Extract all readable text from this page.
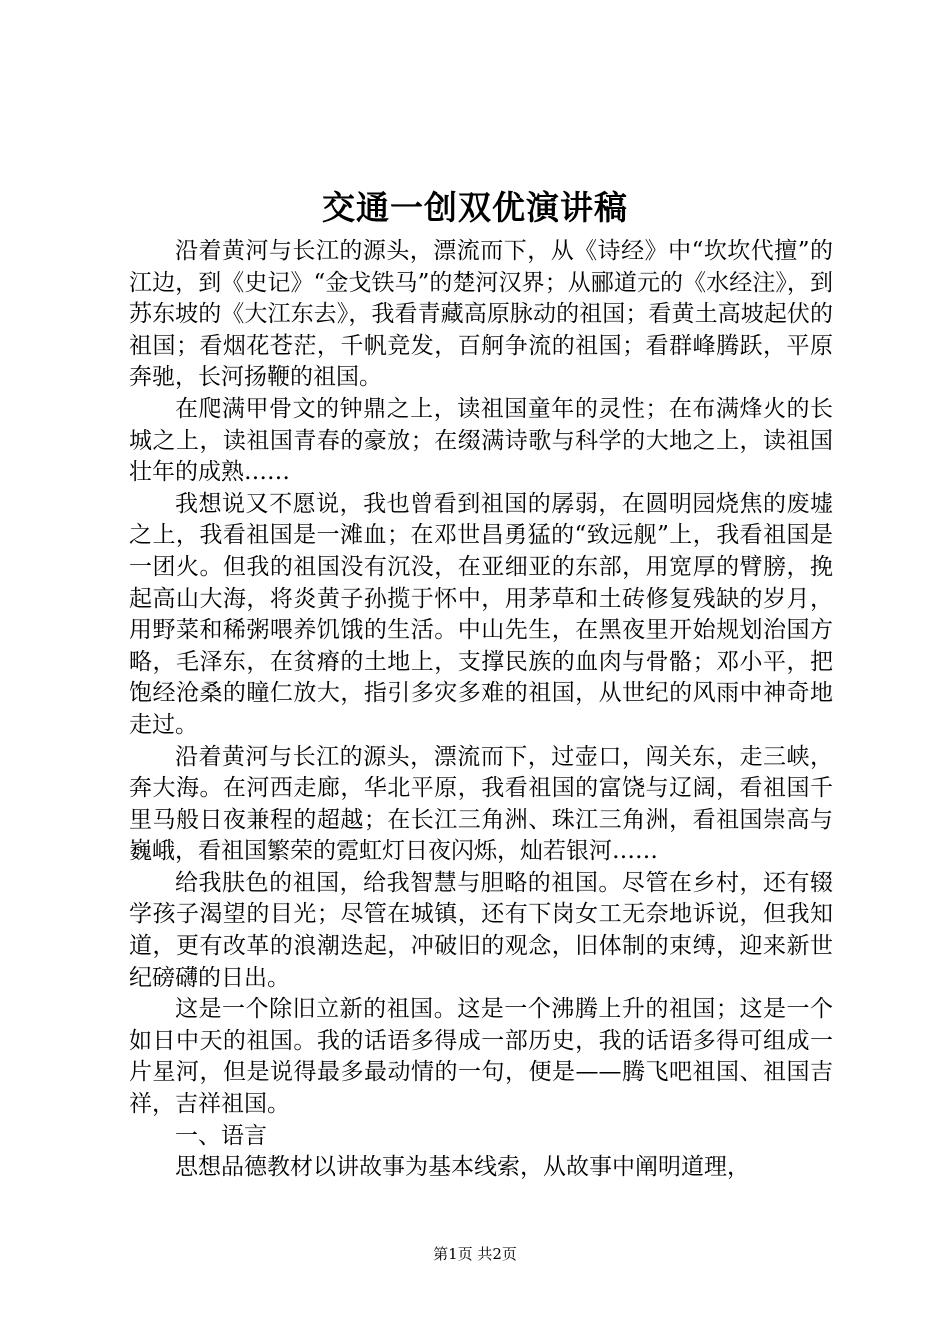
交通一创双优演讲稿

沿着黄河与长江的源头，漂流而下，从《诗经》中“坎坎代擅”的江边，到《史记》“金戈铁马”的楚河汉界；从郦道元的《水经注》，到苏东坡的《大江东去》，我看青藏高原脉动的祖国；看黄土高坡起伏的祖国；看烟花苍茫，千帆竞发，百舸争流的祖国；看群峰腾跃，平原奔驰，长河扬鞭的祖国。

在爬满甲骨文的钟鼎之上，读祖国童年的灵性；在布满烽火的长城之上，读祖国青春的豪放；在缀满诗歌与科学的大地之上，读祖国壮年的成熟……

我想说又不愿说，我也曾看到祖国的孱弱，在圆明园烧焦的废墟之上，我看祖国是一滩血；在邓世昌勇猛的“致远舰”上，我看祖国是一团火。但我的祖国没有沉没，在亚细亚的东部，用宽厚的臂膀，挽起高山大海，将炎黄子孙揽于怀中，用茅草和土砖修复残缺的岁月，用野菜和稀粥喂养饥饿的生活。中山先生，在黑夜里开始规划治国方略，毛泽东，在贫瘠的土地上，支撑民族的血肉与骨骼；邓小平，把饱经沧桑的瞳仁放大，指引多灾多难的祖国，从世纪的风雨中神奇地走过。

沿着黄河与长江的源头，漂流而下，过壶口，闯关东，走三峡，奔大海。在河西走廊，华北平原，我看祖国的富饶与辽阔，看祖国千里马般日夜兼程的超越；在长江三角洲、珠江三角洲，看祖国崇高与巍峨，看祖国繁荣的霓虹灯日夜闪烁，灿若银河……

给我肤色的祖国，给我智慧与胆略的祖国。尽管在乡村，还有辍学孩子渴望的目光；尽管在城镇，还有下岗女工无奈地诉说，但我知道，更有改革的浪潮迭起，冲破旧的观念，旧体制的束缚，迎来新世纪磅礴的日出。

这是一个除旧立新的祖国。这是一个沸腾上升的祖国；这是一个如日中天的祖国。我的话语多得成一部历史，我的话语多得可组成一片星河，但是说得最多最动情的一句，便是——腾飞吧祖国、祖国吉祥，吉祥祖国。

一、语言

思想品德教材以讲故事为基本线索，从故事中阐明道理，

第1页 共2页
